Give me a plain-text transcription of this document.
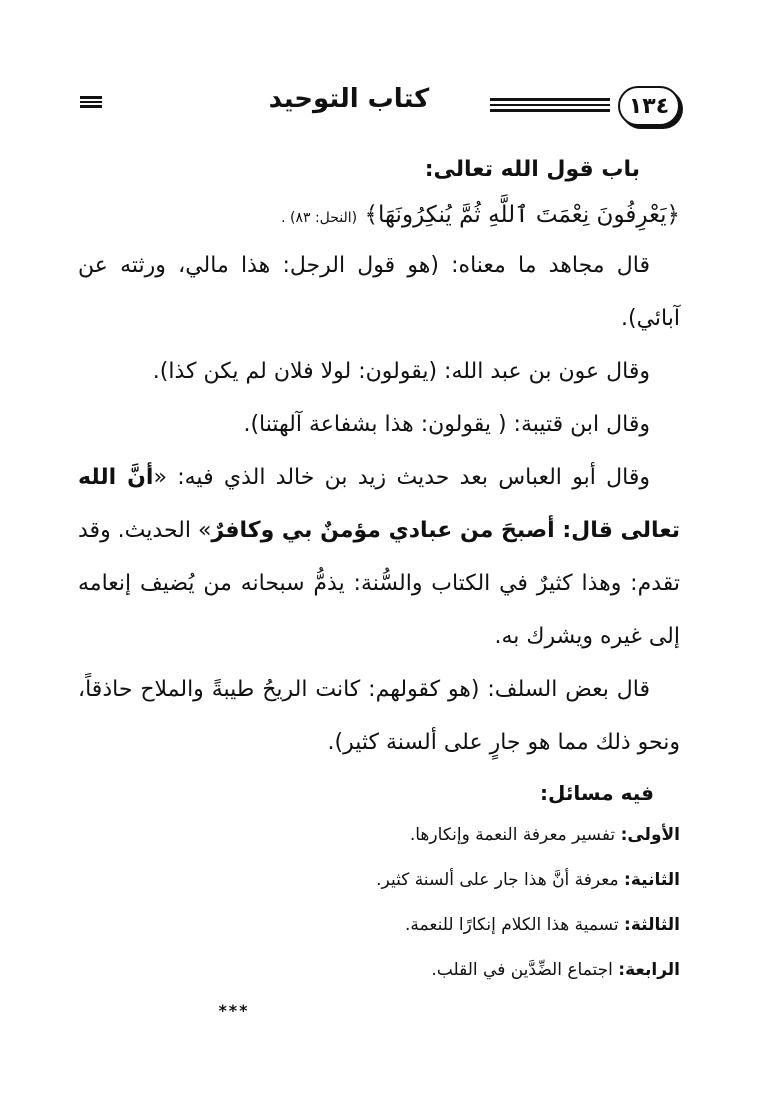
١٣٤
كتاب التوحيد
باب قول الله تعالى:
﴿يَعْرِفُونَ نِعْمَتَ ٱللَّهِ ثُمَّ يُنكِرُونَهَا﴾ (النحل: ٨٣) .

قال مجاهد ما معناه: (هو قول الرجل: هذا مالي، ورثته عن آبائي).

وقال عون بن عبد الله: (يقولون: لولا فلان لم يكن كذا).

وقال ابن قتيبة: ( يقولون: هذا بشفاعة آلهتنا).

وقال أبو العباس بعد حديث زيد بن خالد الذي فيه: «أنَّ الله تعالى قال: أصبحَ من عبادي مؤمنٌ بي وكافرٌ» الحديث. وقد تقدم: وهذا كثيرٌ في الكتاب والسُّنة: يذمُّ سبحانه من يُضيف إنعامه إلى غيره ويشرك به.

قال بعض السلف: (هو كقولهم: كانت الريحُ طيبةً والملاح حاذقاً، ونحو ذلك مما هو جارٍ على ألسنة كثير).

فيه مسائل:
الأولى: تفسير معرفة النعمة وإنكارها.
الثانية: معرفة أنَّ هذا جار على ألسنة كثير.
الثالثة: تسمية هذا الكلام إنكارًا للنعمة.
الرابعة: اجتماع الضِّدَّين في القلب.
***
